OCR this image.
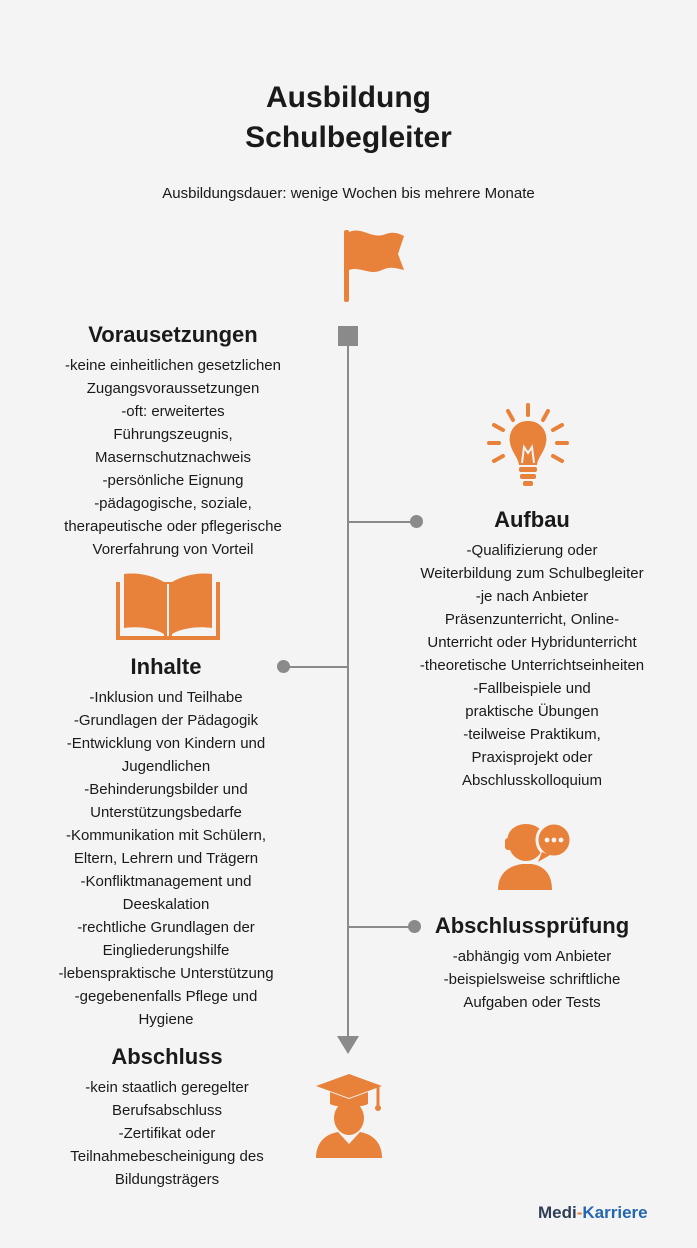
Ausbildung
Schulbegleiter
Ausbildungsdauer: wenige Wochen bis mehrere Monate
Vorausetzungen
-keine einheitlichen gesetzlichen
Zugangsvoraussetzungen
-oft: erweitertes
Führungszeugnis,
Masernschutznachweis
-persönliche Eignung
-pädagogische, soziale,
therapeutische oder pflegerische
Vorerfahrung von Vorteil
Aufbau
-Qualifizierung oder
Weiterbildung zum Schulbegleiter
-je nach Anbieter
Präsenzunterricht, Online-
Unterricht oder Hybridunterricht
-theoretische Unterrichtseinheiten
-Fallbeispiele und
praktische Übungen
-teilweise Praktikum,
Praxisprojekt oder
Abschlusskolloquium
Inhalte
-Inklusion und Teilhabe
-Grundlagen der Pädagogik
-Entwicklung von Kindern und
Jugendlichen
-Behinderungsbilder und
Unterstützungsbedarfe
-Kommunikation mit Schülern,
Eltern, Lehrern und Trägern
-Konfliktmanagement und
Deeskalation
-rechtliche Grundlagen der
Eingliederungshilfe
-lebenspraktische Unterstützung
-gegebenenfalls Pflege und
Hygiene
Abschlussprüfung
-abhängig vom Anbieter
-beispielsweise schriftliche
Aufgaben oder Tests
Abschluss
-kein staatlich geregelter
Berufsabschluss
-Zertifikat oder
Teilnahmebescheinigung des
Bildungsträgers
Medi-Karriere
